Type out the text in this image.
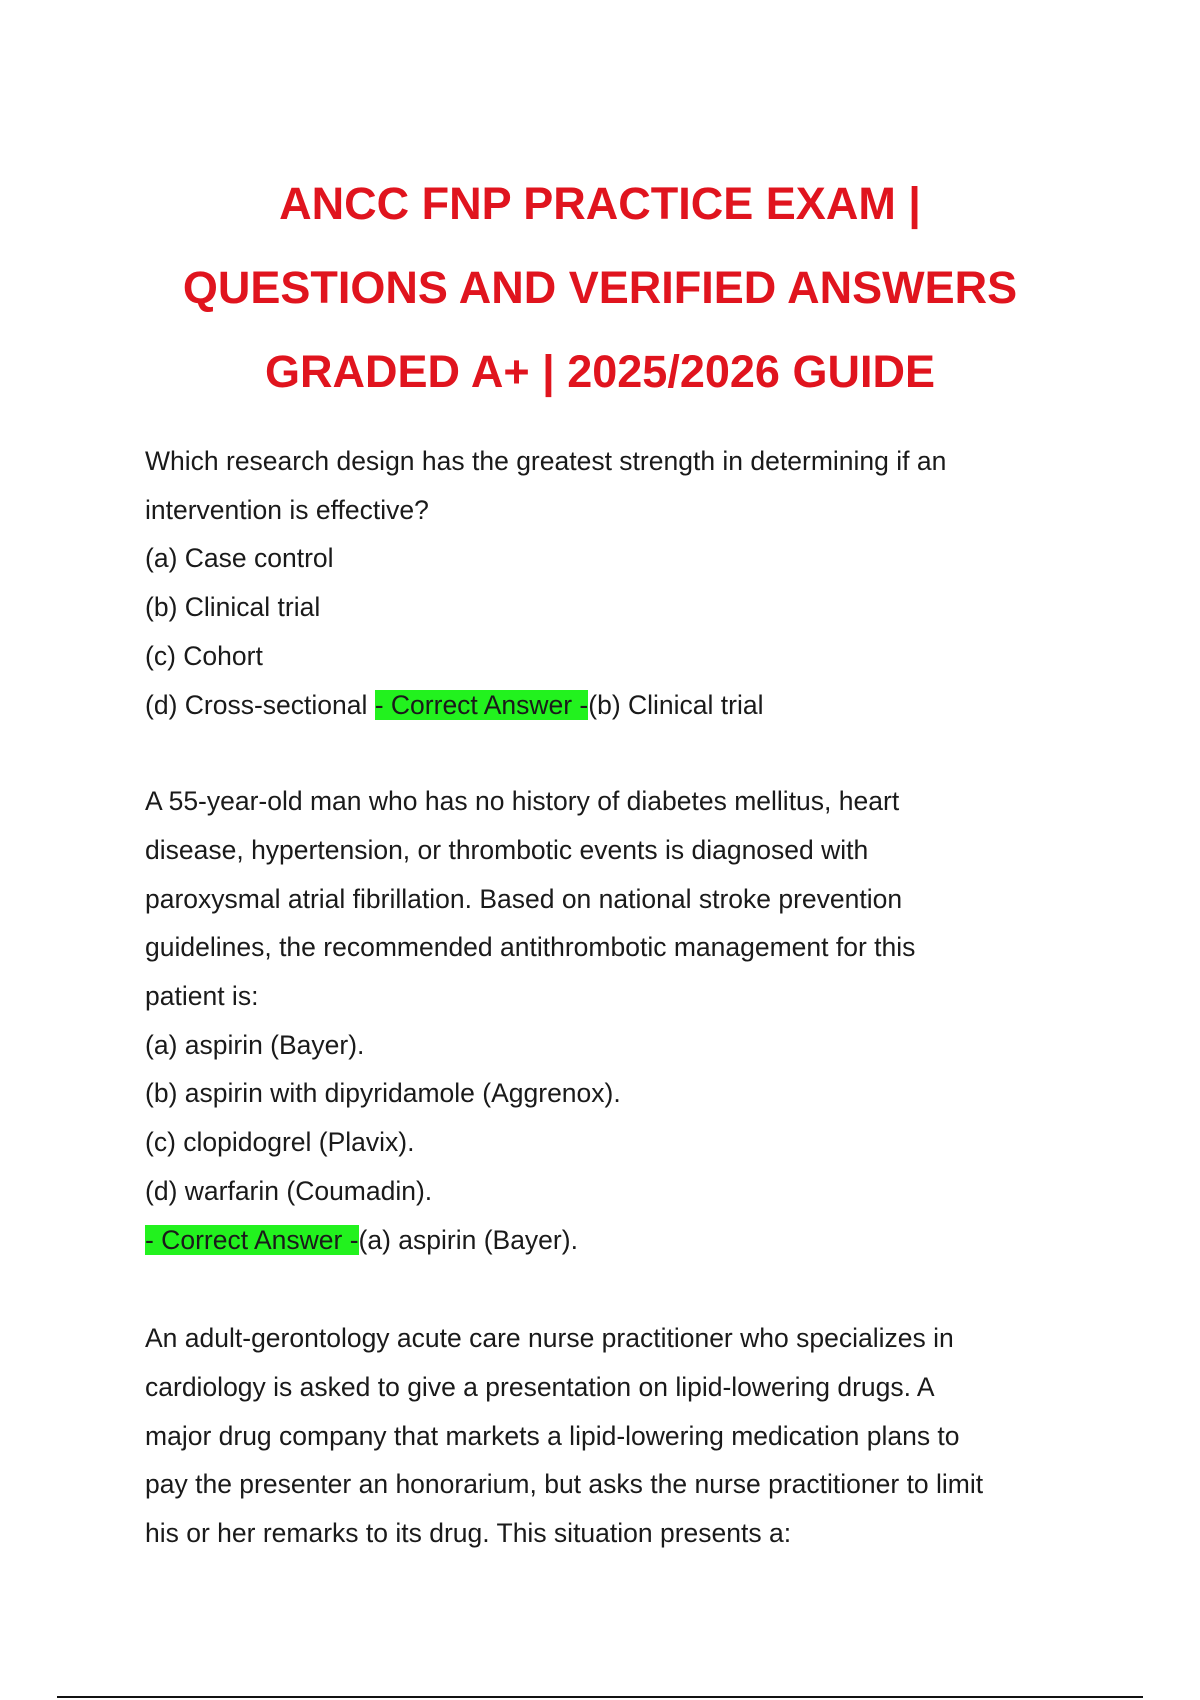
ANCC FNP PRACTICE EXAM |
QUESTIONS AND VERIFIED ANSWERS
GRADED A+ | 2025/2026 GUIDE
Which research design has the greatest strength in determining if an
intervention is effective?
(a) Case control
(b) Clinical trial
(c) Cohort
(d) Cross-sectional - Correct Answer -(b) Clinical trial
A 55-year-old man who has no history of diabetes mellitus, heart
disease, hypertension, or thrombotic events is diagnosed with
paroxysmal atrial fibrillation. Based on national stroke prevention
guidelines, the recommended antithrombotic management for this
patient is:
(a) aspirin (Bayer).
(b) aspirin with dipyridamole (Aggrenox).
(c) clopidogrel (Plavix).
(d) warfarin (Coumadin).
- Correct Answer -(a) aspirin (Bayer).
An adult-gerontology acute care nurse practitioner who specializes in
cardiology is asked to give a presentation on lipid-lowering drugs. A
major drug company that markets a lipid-lowering medication plans to
pay the presenter an honorarium, but asks the nurse practitioner to limit
his or her remarks to its drug. This situation presents a:
